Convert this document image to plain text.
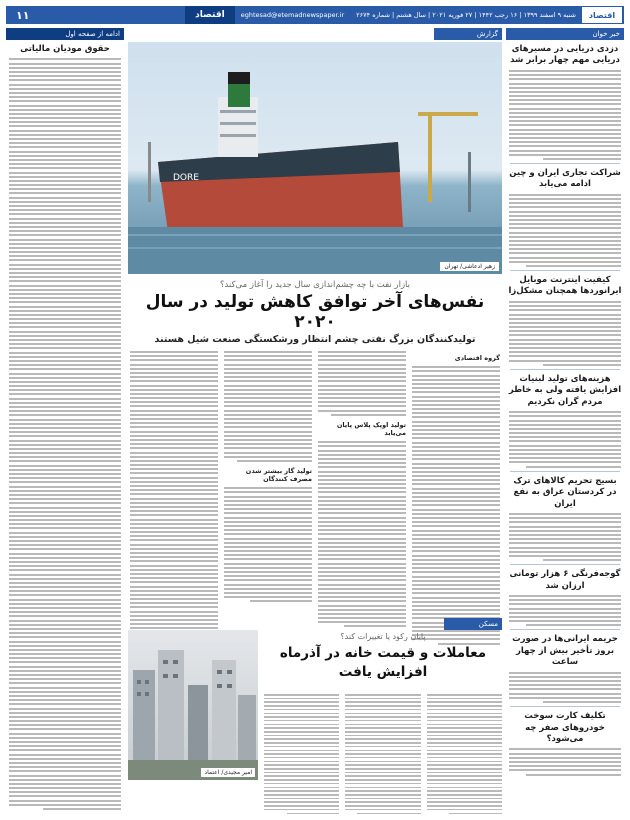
اقتصاد
شنبه ۹ اسفند ۱۳۹۹ | ۱۶ رجب ۱۴۴۲ | ۲۷ فوریه ۲۰۲۱ | سال هشتم | شماره ۲۶۷۴
eghtesad@etemadnewspaper.ir
اقتصاد
۱۱
خبر خوان
دزدی دریایی در مسیرهای دریایی مهم چهار برابر شد
شراکت تجاری ایران و چین ادامه می‌یابد
کیفیت اینترنت موبایل ایرانوردها همچنان مشکل‌زا
هزینه‌های تولید لبنیات افزایش یافته ولی به خاطر مردم گران نکردیم
بسیج تحریم کالاهای ترک در کردستان عراق به نفع ایران
گوجه‌فرنگی ۶ هزار تومانی ارزان شد
جریمه ایرانی‌ها در صورت بروز تأخیر بیش از چهار ساعت
تکلیف کارت سوخت خودروهای صفر چه می‌شود؟
ادامه از صفحه اول
حقوق مودیان مالیاتی
گزارش
DORE
زهیر ادعاشی/ تهران
بازار نفت با چه چشم‌اندازی سال جدید را آغاز می‌کند؟
نفس‌های آخر توافق کاهش تولید در سال ۲۰۲۰
تولیدکنندگان بزرگ نفتی چشم انتظار ورشکستگی صنعت شیل هستند
گروه اقتصادی
تولید اوپک پلاس پایان می‌یابد
تولید گاز بیشتر شدن مصرف کنندگان
مسکن
امیر مجیدی/ اعتماد
پایان رکود یا تغییرات کند؟
معاملات و قیمت خانه در آذرماه
افزایش یافت
